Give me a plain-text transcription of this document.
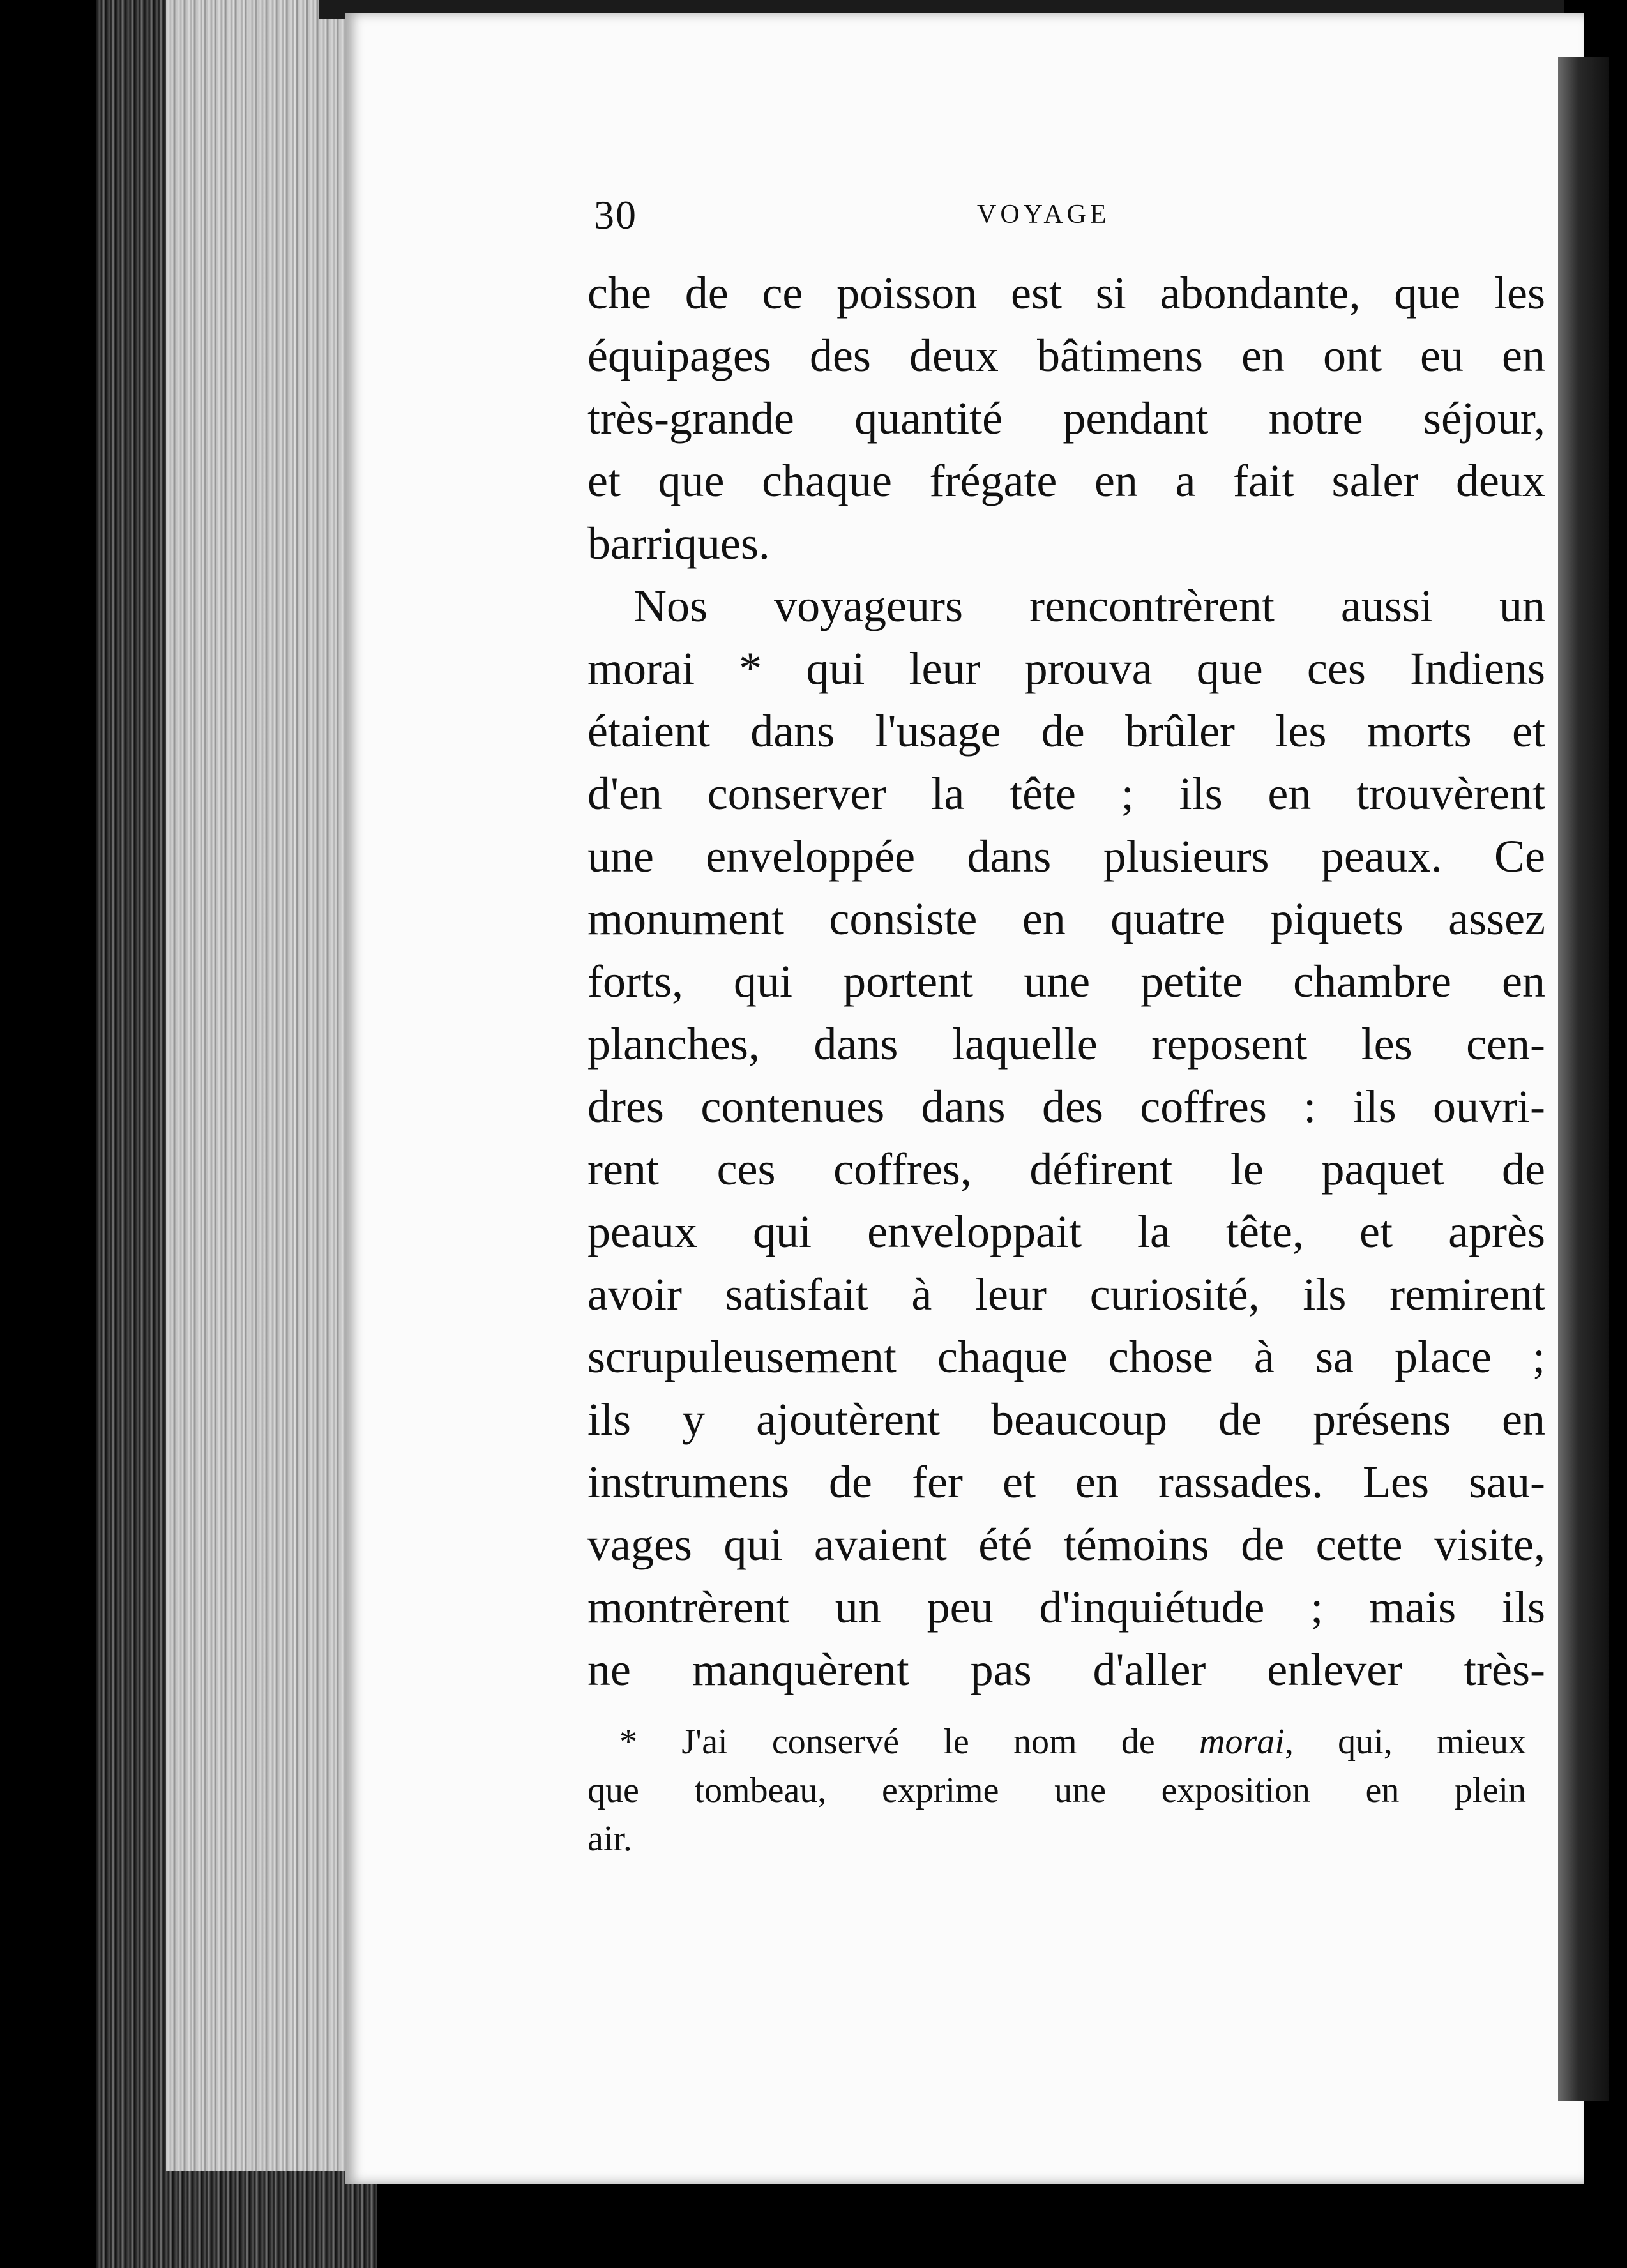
30	VOYAGE
che de ce poisson est si abondante, que les
équipages des deux bâtimens en ont eu en
très-grande quantité pendant notre séjour,
et que chaque frégate en a fait saler deux
barriques.
Nos voyageurs rencontrèrent aussi un
morai * qui leur prouva que ces Indiens
étaient dans l'usage de brûler les morts et
d'en conserver la tête ; ils en trouvèrent
une enveloppée dans plusieurs peaux. Ce
monument consiste en quatre piquets assez
forts, qui portent une petite chambre en
planches, dans laquelle reposent les cen-
dres contenues dans des coffres : ils ouvri-
rent ces coffres, défirent le paquet de
peaux qui enveloppait la tête, et après
avoir satisfait à leur curiosité, ils remirent
scrupuleusement chaque chose à sa place ;
ils y ajoutèrent beaucoup de présens en
instrumens de fer et en rassades. Les sau-
vages qui avaient été témoins de cette visite,
montrèrent un peu d'inquiétude ; mais ils
ne manquèrent pas d'aller enlever très-
* J'ai conservé le nom de morai, qui, mieux
que tombeau, exprime une exposition en plein
air.
